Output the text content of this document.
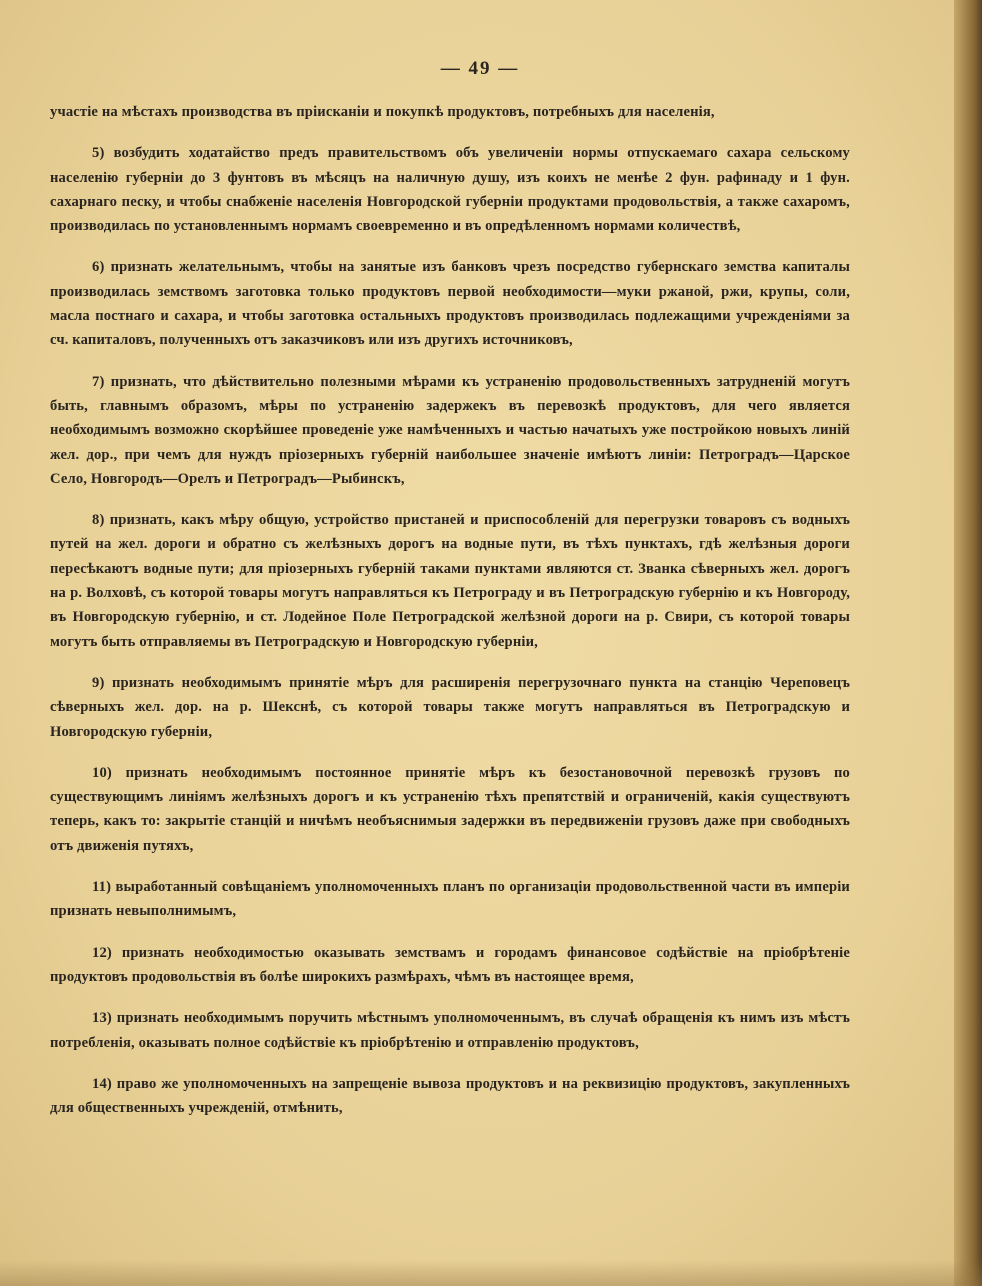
— 49 —

участіе на мѣстахъ производства въ прiисканiи и покупкѣ продуктовъ, потребныхъ для населенія,

5) возбудить ходатайство предъ правительствомъ объ увеличеніи нормы отпускаемаго сахара сельскому населенію губерніи до 3 фунтовъ въ мѣсяцъ на наличную душу, изъ коихъ не менѣе 2 фун. рафинаду и 1 фун. сахарнаго песку, и чтобы снабженіе населенія Новгородской губерніи продуктами продовольствія, а также сахаромъ, производилась по установленнымъ нормамъ своевременно и въ опредѣленномъ нормами количествѣ,

6) признать желательнымъ, чтобы на занятые изъ банковъ чрезъ посредство губернскаго земства капиталы производилась земствомъ заготовка только продуктовъ первой необходимости—муки ржаной, ржи, крупы, соли, масла постнаго и сахара, и чтобы заготовка остальныхъ продуктовъ производилась подлежащими учрежденіями за сч. капиталовъ, полученныхъ отъ заказчиковъ или изъ другихъ источниковъ,

7) признать, что дѣйствительно полезными мѣрами къ устраненію продовольственныхъ затрудненій могутъ быть, главнымъ образомъ, мѣры по устраненію задержекъ въ перевозкѣ продуктовъ, для чего является необходимымъ возможно скорѣйшее проведеніе уже намѣченныхъ и частью начатыхъ уже постройкою новыхъ линій жел. дор., при чемъ для нуждъ пріозерныхъ губерній наибольшее значеніе имѣютъ линіи: Петроградъ—Царское Село, Новгородъ—Орелъ и Петроградъ—Рыбинскъ,

8) признать, какъ мѣру общую, устройство пристаней и приспособленій для перегрузки товаровъ съ водныхъ путей на жел. дороги и обратно съ желѣзныхъ дорогъ на водные пути, въ тѣхъ пунктахъ, гдѣ желѣзныя дороги пересѣкаютъ водные пути; для пріозерныхъ губерній таками пунктами являются ст. Званка сѣверныхъ жел. дорогъ на р. Волховѣ, съ которой товары могутъ направляться къ Петрограду и въ Петроградскую губернію и къ Новгороду, въ Новгородскую губернію, и ст. Лодейное Поле Петроградской желѣзной дороги на р. Свири, съ которой товары могутъ быть отправляемы въ Петроградскую и Новгородскую губерніи,

9) признать необходимымъ принятіе мѣръ для расширенія перегрузочнаго пункта на станцію Череповецъ сѣверныхъ жел. дор. на р. Шекснѣ, съ которой товары также могутъ направляться въ Петроградскую и Новгородскую губерніи,

10) признать необходимымъ постоянное принятіе мѣръ къ безостановочной перевозкѣ грузовъ по существующимъ линіямъ желѣзныхъ дорогъ и къ устраненію тѣхъ препятствій и ограниченій, какія существуютъ теперь, какъ то: закрытіе станцій и ничѣмъ необъяснимыя задержки въ передвиженіи грузовъ даже при свободныхъ отъ движенія путяхъ,

11) выработанный совѣщаніемъ уполномоченныхъ планъ по организаціи продовольственной части въ имперіи признать невыполнимымъ,

12) признать необходимостью оказывать земствамъ и городамъ финансовое содѣйствіе на пріобрѣтеніе продуктовъ продовольствія въ болѣе широкихъ размѣрахъ, чѣмъ въ настоящее время,

13) признать необходимымъ поручить мѣстнымъ уполномоченнымъ, въ случаѣ обращенія къ нимъ изъ мѣстъ потребленія, оказывать полное содѣйствіе къ пріобрѣтенію и отправленію продуктовъ,

14) право же уполномоченныхъ на запрещеніе вывоза продуктовъ и на реквизицію продуктовъ, закупленныхъ для общественныхъ учрежденій, отмѣнить,
